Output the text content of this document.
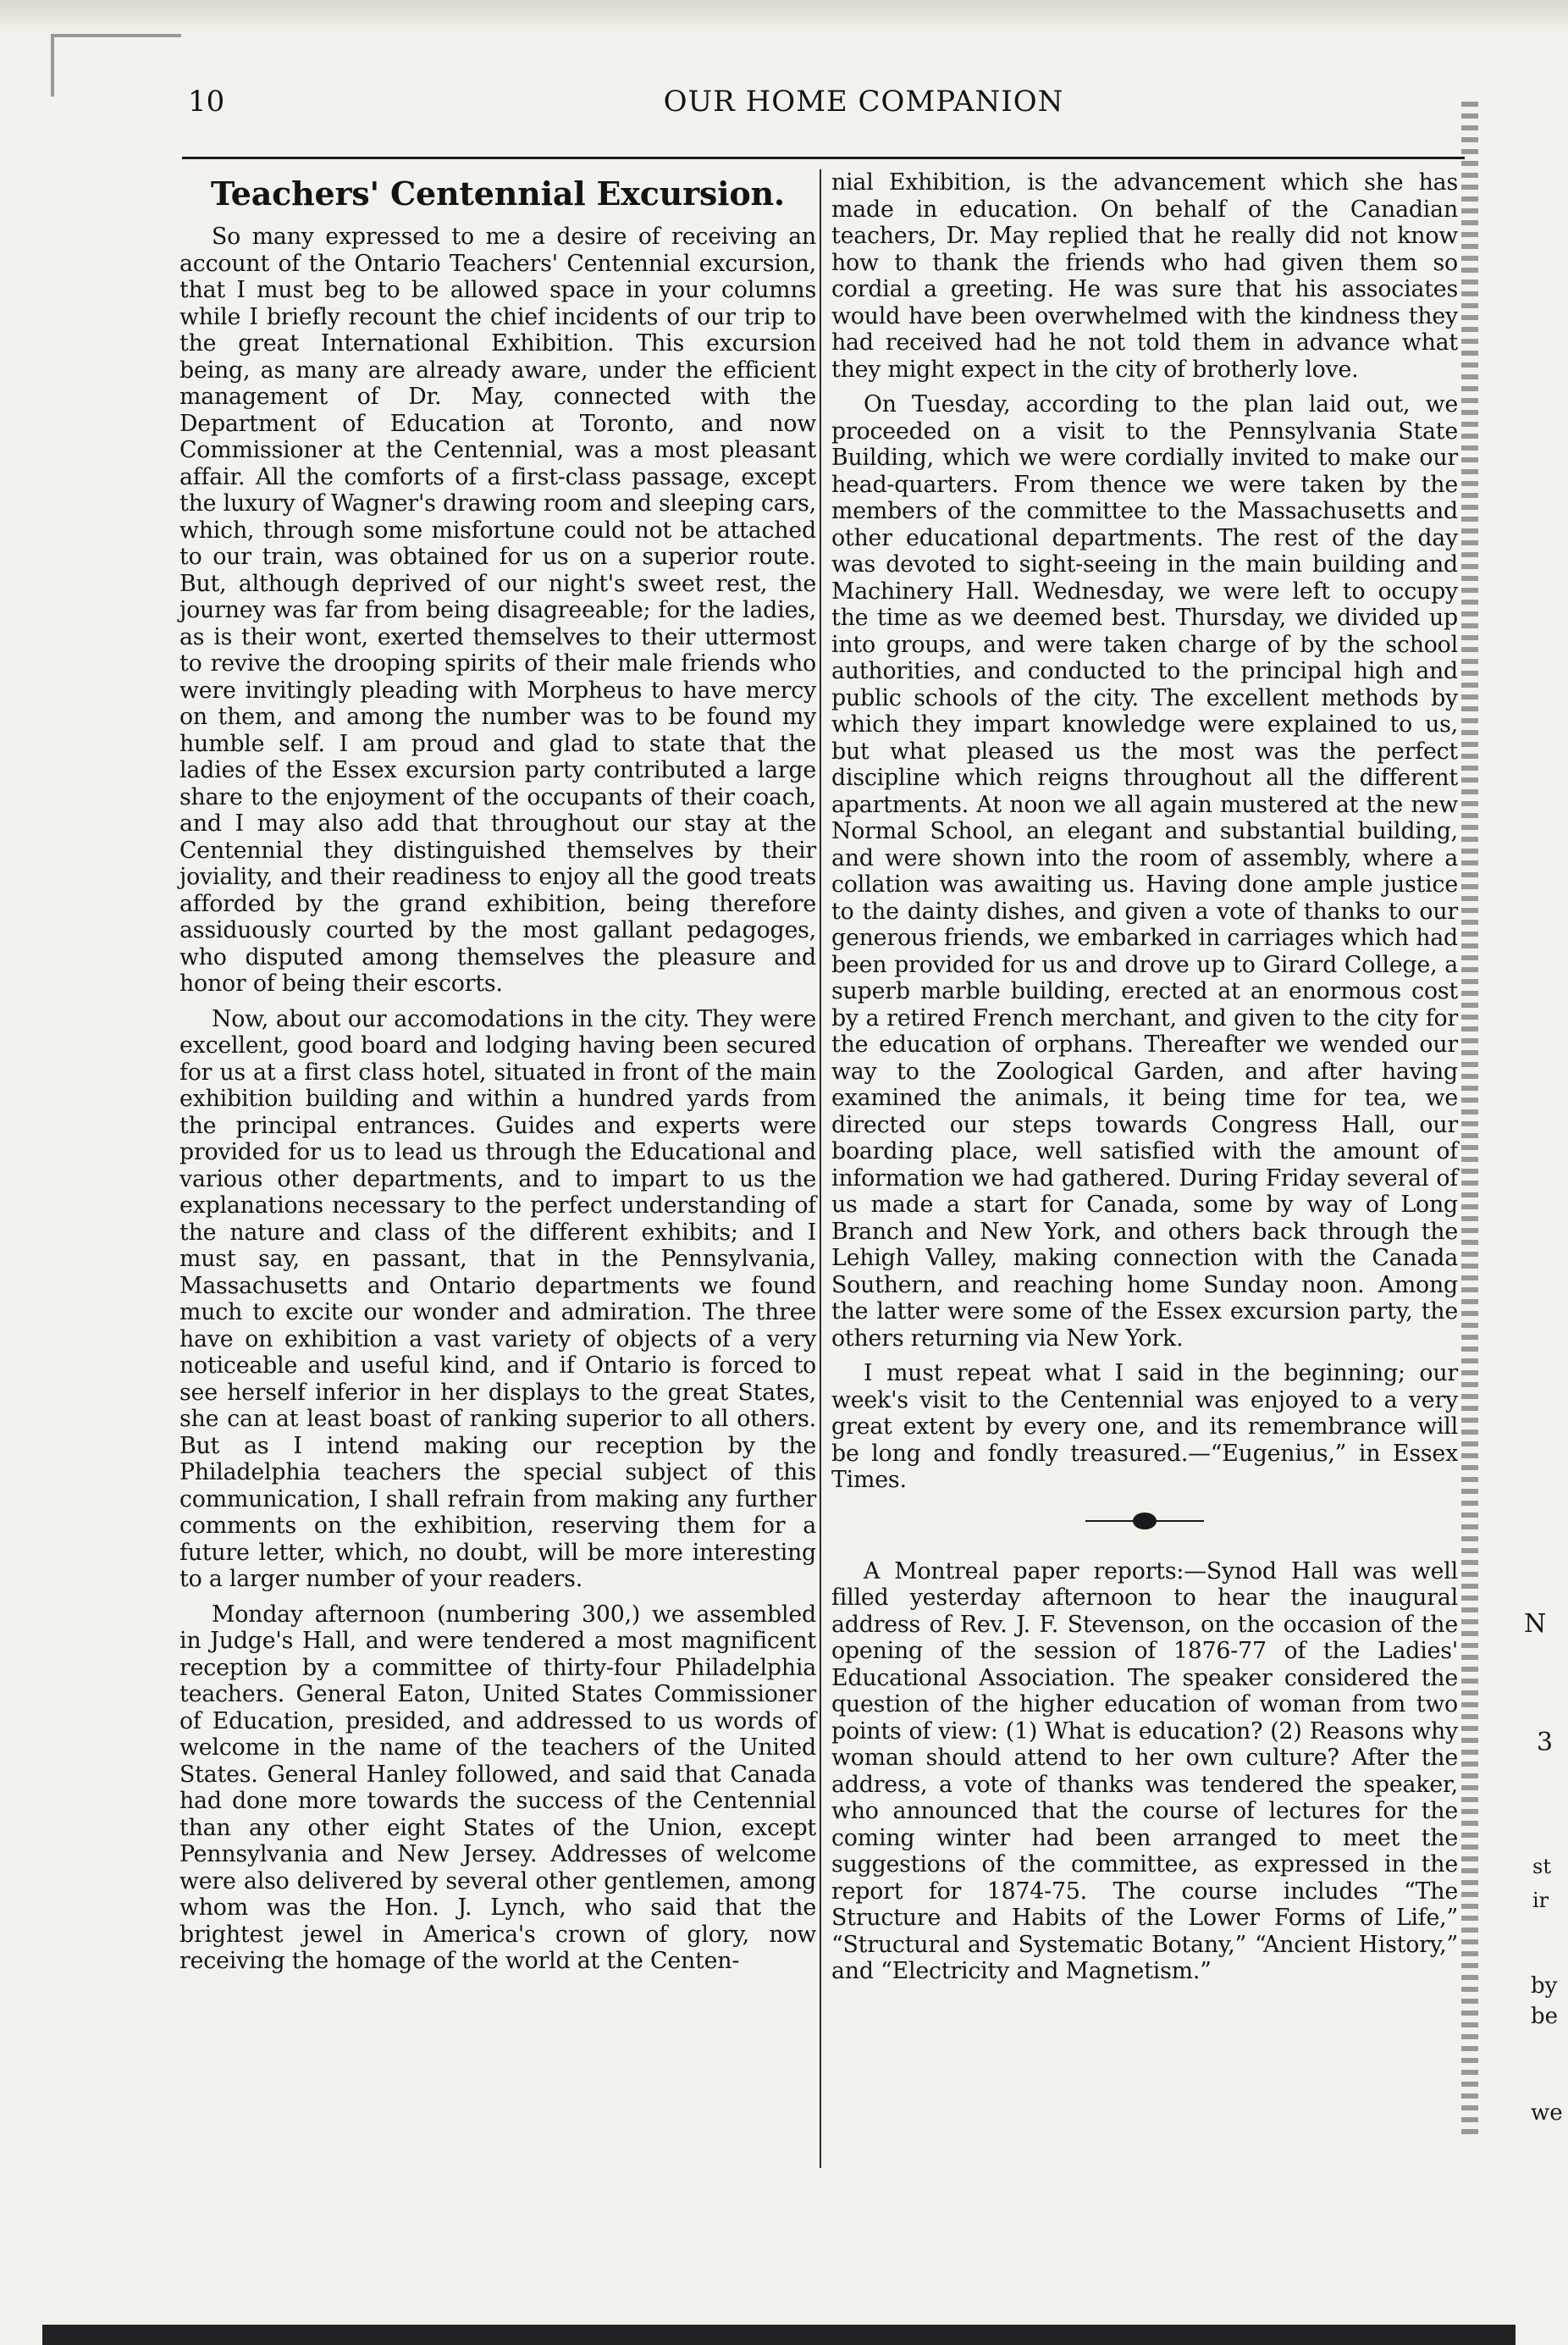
10	OUR HOME COMPANION
Teachers' Centennial Excursion.

So many expressed to me a desire of receiving an account of the Ontario Teachers' Centennial excursion, that I must beg to be allowed space in your columns while I briefly recount the chief incidents of our trip to the great International Exhibition. This excursion being, as many are already aware, under the efficient management of Dr. May, connected with the Department of Education at Toronto, and now Commissioner at the Centennial, was a most pleasant affair. All the comforts of a first-class passage, except the luxury of Wagner's drawing room and sleeping cars, which, through some misfortune could not be attached to our train, was obtained for us on a superior route. But, although deprived of our night's sweet rest, the journey was far from being disagreeable; for the ladies, as is their wont, exerted themselves to their uttermost to revive the drooping spirits of their male friends who were invitingly pleading with Morpheus to have mercy on them, and among the number was to be found my humble self. I am proud and glad to state that the ladies of the Essex excursion party contributed a large share to the enjoyment of the occupants of their coach, and I may also add that throughout our stay at the Centennial they distinguished themselves by their joviality, and their readiness to enjoy all the good treats afforded by the grand exhibition, being therefore assiduously courted by the most gallant pedagoges, who disputed among themselves the pleasure and honor of being their escorts.

Now, about our accomodations in the city. They were excellent, good board and lodging having been secured for us at a first class hotel, situated in front of the main exhibition building and within a hundred yards from the principal entrances. Guides and experts were provided for us to lead us through the Educational and various other departments, and to impart to us the explanations necessary to the perfect understanding of the nature and class of the different exhibits; and I must say, en passant, that in the Pennsylvania, Massachusetts and Ontario departments we found much to excite our wonder and admiration. The three have on exhibition a vast variety of objects of a very noticeable and useful kind, and if Ontario is forced to see herself inferior in her displays to the great States, she can at least boast of ranking superior to all others. But as I intend making our reception by the Philadelphia teachers the special subject of this communication, I shall refrain from making any further comments on the exhibition, reserving them for a future letter, which, no doubt, will be more interesting to a larger number of your readers.

Monday afternoon (numbering 300,) we assembled in Judge's Hall, and were tendered a most magnificent reception by a committee of thirty-four Philadelphia teachers. General Eaton, United States Commissioner of Education, presided, and addressed to us words of welcome in the name of the teachers of the United States. General Hanley followed, and said that Canada had done more towards the success of the Centennial than any other eight States of the Union, except Pennsylvania and New Jersey. Addresses of welcome were also delivered by several other gentlemen, among whom was the Hon. J. Lynch, who said that the brightest jewel in America's crown of glory, now receiving the homage of the world at the Centen-

nial Exhibition, is the advancement which she has made in education. On behalf of the Canadian teachers, Dr. May replied that he really did not know how to thank the friends who had given them so cordial a greeting. He was sure that his associates would have been overwhelmed with the kindness they had received had he not told them in advance what they might expect in the city of brotherly love.

On Tuesday, according to the plan laid out, we proceeded on a visit to the Pennsylvania State Building, which we were cordially invited to make our head-quarters. From thence we were taken by the members of the committee to the Massachusetts and other educational departments. The rest of the day was devoted to sight-seeing in the main building and Machinery Hall. Wednesday, we were left to occupy the time as we deemed best. Thursday, we divided up into groups, and were taken charge of by the school authorities, and conducted to the principal high and public schools of the city. The excellent methods by which they impart knowledge were explained to us, but what pleased us the most was the perfect discipline which reigns throughout all the different apartments. At noon we all again mustered at the new Normal School, an elegant and substantial building, and were shown into the room of assembly, where a collation was awaiting us. Having done ample justice to the dainty dishes, and given a vote of thanks to our generous friends, we embarked in carriages which had been provided for us and drove up to Girard College, a superb marble building, erected at an enormous cost by a retired French merchant, and given to the city for the education of orphans. Thereafter we wended our way to the Zoological Garden, and after having examined the animals, it being time for tea, we directed our steps towards Congress Hall, our boarding place, well satisfied with the amount of information we had gathered. During Friday several of us made a start for Canada, some by way of Long Branch and New York, and others back through the Lehigh Valley, making connection with the Canada Southern, and reaching home Sunday noon. Among the latter were some of the Essex excursion party, the others returning via New York.

I must repeat what I said in the beginning; our week's visit to the Centennial was enjoyed to a very great extent by every one, and its remembrance will be long and fondly treasured.—“Eugenius,” in Essex Times.

A Montreal paper reports:—Synod Hall was well filled yesterday afternoon to hear the inaugural address of Rev. J. F. Stevenson, on the occasion of the opening of the session of 1876-77 of the Ladies' Educational Association. The speaker considered the question of the higher education of woman from two points of view: (1) What is education? (2) Reasons why woman should attend to her own culture? After the address, a vote of thanks was tendered the speaker, who announced that the course of lectures for the coming winter had been arranged to meet the suggestions of the committee, as expressed in the report for 1874-75. The course includes “The Structure and Habits of the Lower Forms of Life,” “Structural and Systematic Botany,” “Ancient History,” and “Electricity and Magnetism.”

N
3
st
ir
by
be
we
